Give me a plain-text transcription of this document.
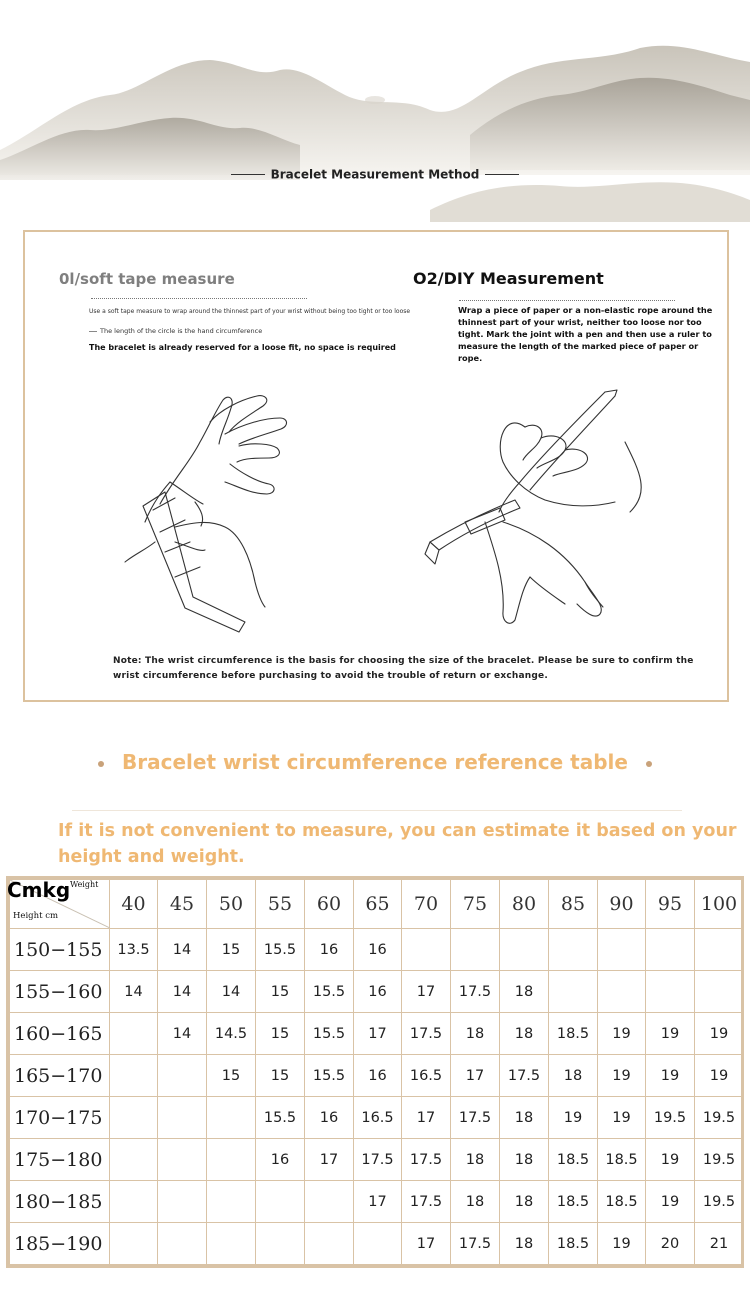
Bracelet Measurement Method
0l/soft tape measure	O2/DIY Measurement
Use a soft tape measure to wrap around the thinnest part of your wrist without being too tight or too loose
The length of the circle is the hand circumference
The bracelet is already reserved for a loose fit, no space is required
Wrap a piece of paper or a non-elastic rope around the thinnest part of your wrist, neither too loose nor too tight. Mark the joint with a pen and then use a ruler to measure the length of the marked piece of paper or rope.
Note: The wrist circumference is the basis for choosing the size of the bracelet. Please be sure to confirm the wrist circumference before purchasing to avoid the trouble of return or exchange.
Bracelet wrist circumference reference table
If it is not convenient to measure, you can estimate it based on your height and weight.
Cmkg Weight
Height cm	40	45	50	55	60	65	70	75	80	85	90	95	100
150−155	13.5	14	15	15.5	16	16							
155−160	14	14	14	15	15.5	16	17	17.5	18				
160−165		14	14.5	15	15.5	17	17.5	18	18	18.5	19	19	19
165−170			15	15	15.5	16	16.5	17	17.5	18	19	19	19
170−175				15.5	16	16.5	17	17.5	18	19	19	19.5	19.5
175−180				16	17	17.5	17.5	18	18	18.5	18.5	19	19.5
180−185						17	17.5	18	18	18.5	18.5	19	19.5
185−190							17	17.5	18	18.5	19	20	21
